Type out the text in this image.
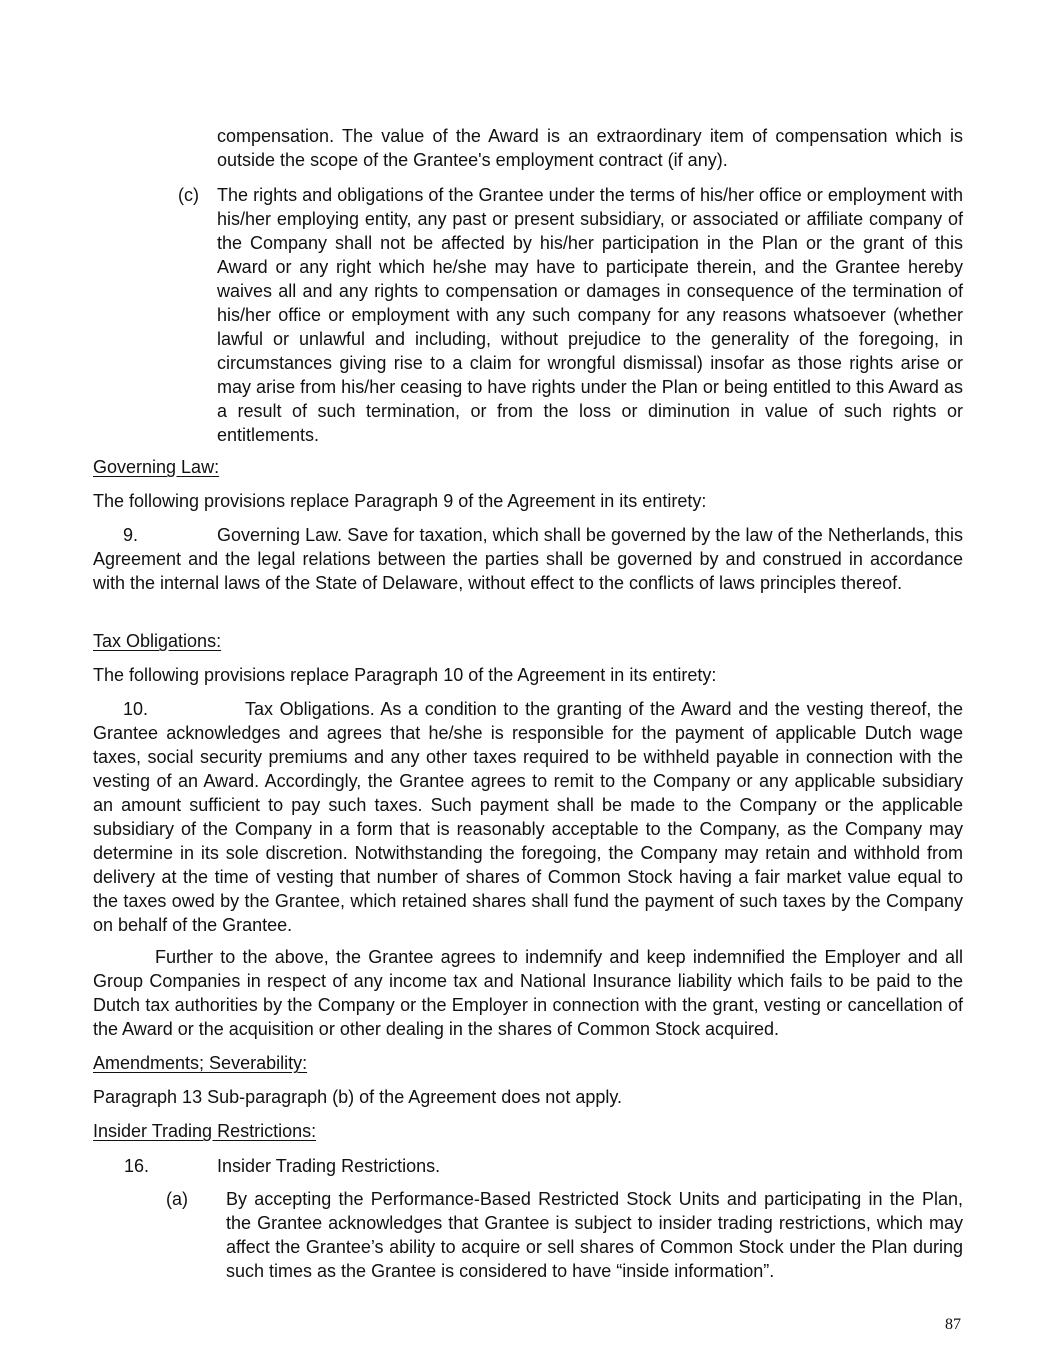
compensation. The value of the Award is an extraordinary item of compensation which is outside the scope of the Grantee's employment contract (if any).
(c) The rights and obligations of the Grantee under the terms of his/her office or employment with his/her employing entity, any past or present subsidiary, or associated or affiliate company of the Company shall not be affected by his/her participation in the Plan or the grant of this Award or any right which he/she may have to participate therein, and the Grantee hereby waives all and any rights to compensation or damages in consequence of the termination of his/her office or employment with any such company for any reasons whatsoever (whether lawful or unlawful and including, without prejudice to the generality of the foregoing, in circumstances giving rise to a claim for wrongful dismissal) insofar as those rights arise or may arise from his/her ceasing to have rights under the Plan or being entitled to this Award as a result of such termination, or from the loss or diminution in value of such rights or entitlements.
Governing Law:
The following provisions replace Paragraph 9 of the Agreement in its entirety:
9.	Governing Law. Save for taxation, which shall be governed by the law of the Netherlands, this Agreement and the legal relations between the parties shall be governed by and construed in accordance with the internal laws of the State of Delaware, without effect to the conflicts of laws principles thereof.
Tax Obligations:
The following provisions replace Paragraph 10 of the Agreement in its entirety:
10.	Tax Obligations. As a condition to the granting of the Award and the vesting thereof, the Grantee acknowledges and agrees that he/she is responsible for the payment of applicable Dutch wage taxes, social security premiums and any other taxes required to be withheld payable in connection with the vesting of an Award. Accordingly, the Grantee agrees to remit to the Company or any applicable subsidiary an amount sufficient to pay such taxes. Such payment shall be made to the Company or the applicable subsidiary of the Company in a form that is reasonably acceptable to the Company, as the Company may determine in its sole discretion. Notwithstanding the foregoing, the Company may retain and withhold from delivery at the time of vesting that number of shares of Common Stock having a fair market value equal to the taxes owed by the Grantee, which retained shares shall fund the payment of such taxes by the Company on behalf of the Grantee.
Further to the above, the Grantee agrees to indemnify and keep indemnified the Employer and all Group Companies in respect of any income tax and National Insurance liability which fails to be paid to the Dutch tax authorities by the Company or the Employer in connection with the grant, vesting or cancellation of the Award or the acquisition or other dealing in the shares of Common Stock acquired.
Amendments; Severability:
Paragraph 13 Sub-paragraph (b) of the Agreement does not apply.
Insider Trading Restrictions:
16.	Insider Trading Restrictions.
(a) By accepting the Performance-Based Restricted Stock Units and participating in the Plan, the Grantee acknowledges that Grantee is subject to insider trading restrictions, which may affect the Grantee’s ability to acquire or sell shares of Common Stock under the Plan during such times as the Grantee is considered to have “inside information”.
87
